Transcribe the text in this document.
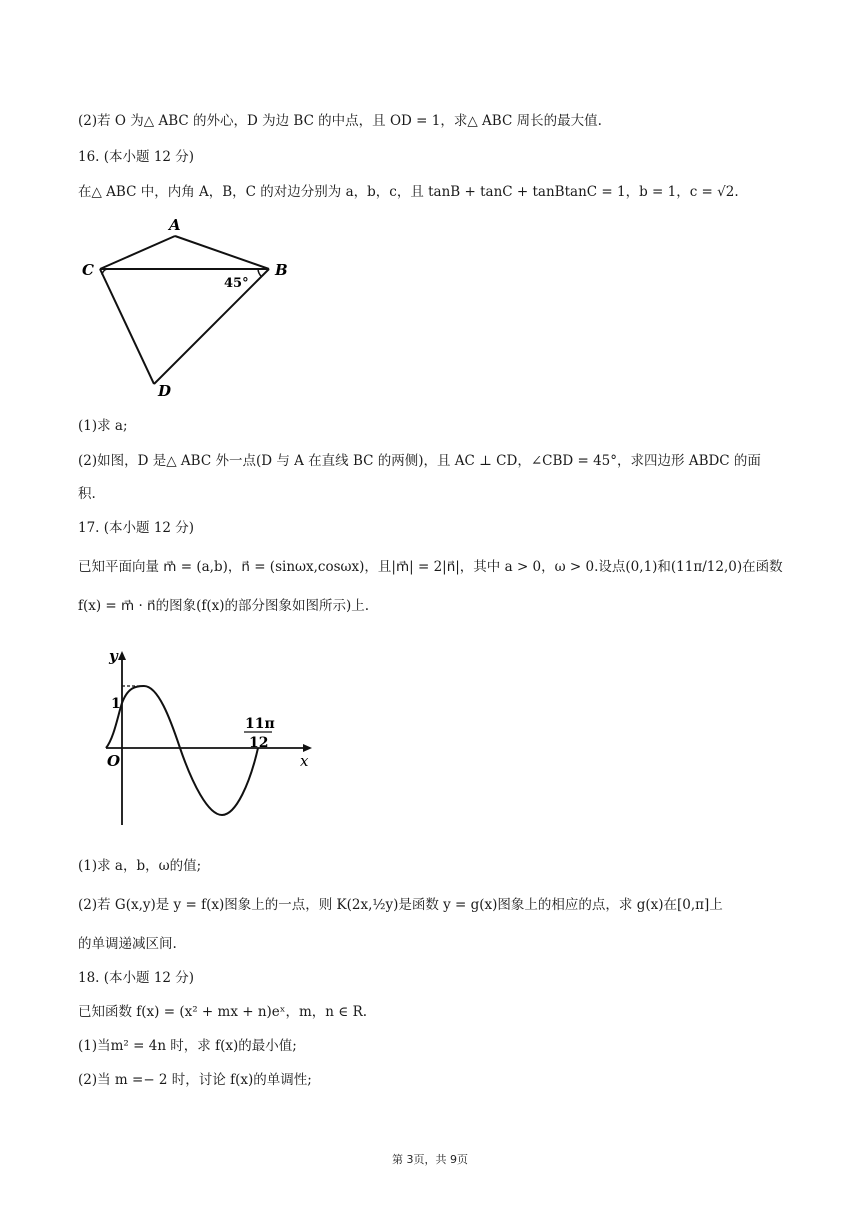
(2)若 O 为△ ABC 的外心，D 为边 BC 的中点，且 OD = 1，求△ ABC 周长的最大值.
16. (本小题 12 分)
在△ ABC 中，内角 A，B，C 的对边分别为 a，b，c，且 tanB + tanC + tanBtanC = 1，b = 1，c = √2.
A
B
C
D
45°
(1)求 a;
(2)如图，D 是△ ABC 外一点(D 与 A 在直线 BC 的两侧)，且 AC ⊥ CD，∠CBD = 45°，求四边形 ABDC 的面
积.
17. (本小题 12 分)
已知平面向量 m⃗ = (a,b)，n⃗ = (sinωx,cosωx)，且|m⃗| = 2|n⃗|，其中 a > 0，ω > 0.设点(0,1)和(11π/12,0)在函数
f(x) = m⃗ · n⃗的图象(f(x)的部分图象如图所示)上.
y
1
O	x
11π
12
(1)求 a，b，ω的值;
(2)若 G(x,y)是 y = f(x)图象上的一点，则 K(2x,½y)是函数 y = g(x)图象上的相应的点，求 g(x)在[0,π]上
的单调递减区间.
18. (本小题 12 分)
已知函数 f(x) = (x² + mx + n)eˣ，m，n ∈ R.
(1)当m² = 4n 时，求 f(x)的最小值;
(2)当 m =− 2 时，讨论 f(x)的单调性;
第 3页，共 9页
